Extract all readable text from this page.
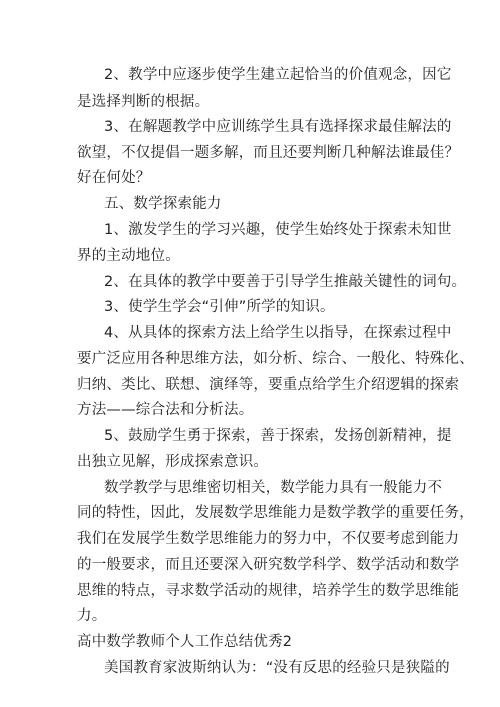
2、教学中应逐步使学生建立起恰当的价值观念，因它
是选择判断的根据。
3、在解题教学中应训练学生具有选择探求最佳解法的
欲望，不仅提倡一题多解，而且还要判断几种解法谁最佳？
好在何处？
五、数学探索能力
1、激发学生的学习兴趣，使学生始终处于探索未知世
界的主动地位。
2、在具体的教学中要善于引导学生推敲关键性的词句。
3、使学生学会“引伸”所学的知识。
4、从具体的探索方法上给学生以指导，在探索过程中
要广泛应用各种思维方法，如分析、综合、一般化、特殊化、
归纳、类比、联想、演绎等，要重点给学生介绍逻辑的探索
方法——综合法和分析法。
5、鼓励学生勇于探索，善于探索，发扬创新精神，提
出独立见解，形成探索意识。
数学教学与思维密切相关，数学能力具有一般能力不
同的特性，因此，发展数学思维能力是数学教学的重要任务，
我们在发展学生数学思维能力的努力中，不仅要考虑到能力
的一般要求，而且还要深入研究数学科学、数学活动和数学
思维的特点，寻求数学活动的规律，培养学生的数学思维能
力。
高中数学教师个人工作总结优秀2
美国教育家波斯纳认为：“没有反思的经验只是狭隘的
